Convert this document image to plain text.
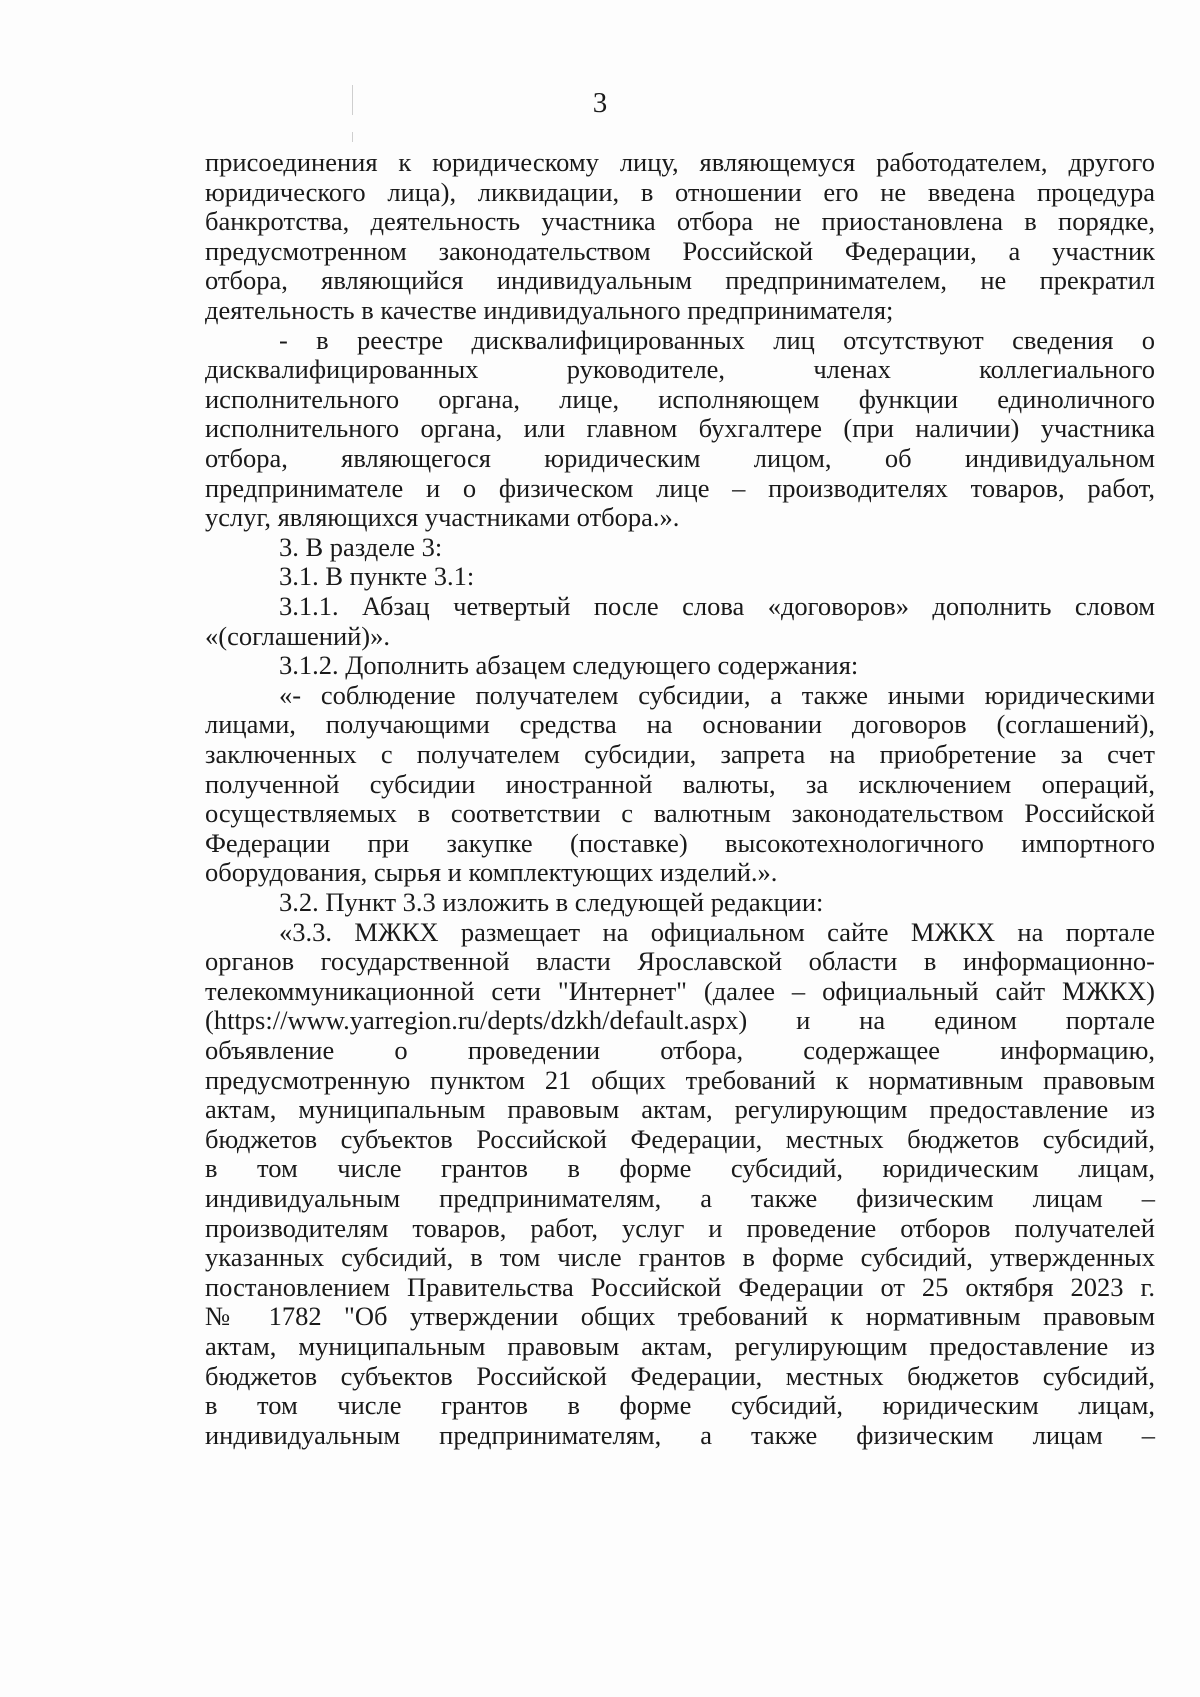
3
присоединения к юридическому лицу, являющемуся работодателем, другого
юридического лица), ликвидации, в отношении его не введена процедура
банкротства, деятельность участника отбора не приостановлена в порядке,
предусмотренном законодательством Российской Федерации, а участник
отбора, являющийся индивидуальным предпринимателем, не прекратил
деятельность в качестве индивидуального предпринимателя;
- в реестре дисквалифицированных лиц отсутствуют сведения о
дисквалифицированных руководителе, членах коллегиального
исполнительного органа, лице, исполняющем функции единоличного
исполнительного органа, или главном бухгалтере (при наличии) участника
отбора, являющегося юридическим лицом, об индивидуальном
предпринимателе и о физическом лице – производителях товаров, работ,
услуг, являющихся участниками отбора.».
3. В разделе 3:
3.1. В пункте 3.1:
3.1.1. Абзац четвертый после слова «договоров» дополнить словом
«(соглашений)».
3.1.2. Дополнить абзацем следующего содержания:
«- соблюдение получателем субсидии, а также иными юридическими
лицами, получающими средства на основании договоров (соглашений),
заключенных с получателем субсидии, запрета на приобретение за счет
полученной субсидии иностранной валюты, за исключением операций,
осуществляемых в соответствии с валютным законодательством Российской
Федерации при закупке (поставке) высокотехнологичного импортного
оборудования, сырья и комплектующих изделий.».
3.2. Пункт 3.3 изложить в следующей редакции:
«3.3. МЖКХ размещает на официальном сайте МЖКХ на портале
органов государственной власти Ярославской области в информационно-
телекоммуникационной сети "Интернет" (далее – официальный сайт МЖКХ)
(https://www.yarregion.ru/depts/dzkh/default.aspx) и на едином портале
объявление о проведении отбора, содержащее информацию,
предусмотренную пунктом 21 общих требований к нормативным правовым
актам, муниципальным правовым актам, регулирующим предоставление из
бюджетов субъектов Российской Федерации, местных бюджетов субсидий,
в том числе грантов в форме субсидий, юридическим лицам,
индивидуальным предпринимателям, а также физическим лицам –
производителям товаров, работ, услуг и проведение отборов получателей
указанных субсидий, в том числе грантов в форме субсидий, утвержденных
постановлением Правительства Российской Федерации от 25 октября 2023 г.
№ 1782 "Об утверждении общих требований к нормативным правовым
актам, муниципальным правовым актам, регулирующим предоставление из
бюджетов субъектов Российской Федерации, местных бюджетов субсидий,
в том числе грантов в форме субсидий, юридическим лицам,
индивидуальным предпринимателям, а также физическим лицам –
